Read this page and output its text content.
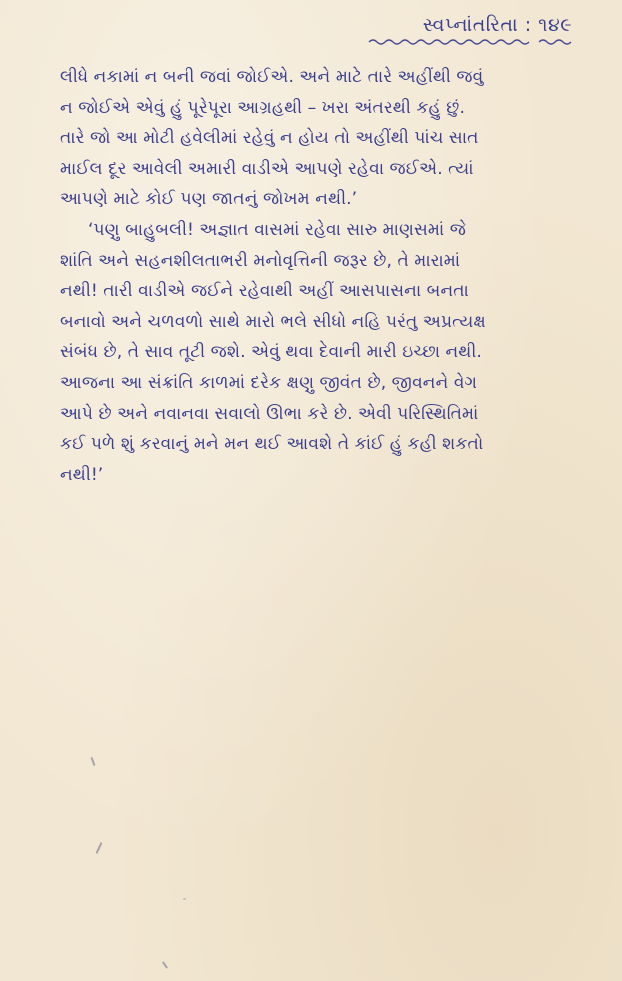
સ્વપ્નાંતરિતા : ૧૪૯

લીધે નકામાં ન બની જવાં જોઈએ. અને માટે તારે અહીંથી જવું
ન જોઈએ એવું હું પૂરેપૂરા આગ્રહથી – ખરા અંતરથી કહું છું.
તારે જો આ મોટી હવેલીમાં રહેવું ન હોય તો અહીંથી પાંચ સાત
માઈલ દૂર આવેલી અમારી વાડીએ આપણે રહેવા જઈએ. ત્યાં
આપણે માટે કોઈ પણ જાતનું જોખમ નથી.’

‘પણુ બાહુબલી! અજ્ઞાત વાસમાં રહેવા સારુ માણસમાં જે
શાંતિ અને સહનશીલતાભરી મનોવૃત્તિની જરૂર છે, તે મારામાં
નથી! તારી વાડીએ જઈને રહેવાથી અહીં આસપાસના બનતા
બનાવો અને ચળવળો સાથે મારો ભલે સીધો નહિ પરંતુ અપ્રત્યક્ષ
સંબંધ છે, તે સાવ તૂટી જશે. એવું થવા દેવાની મારી ઇચ્છા નથી.
આજના આ સંક્રાંતિ કાળમાં દરેક ક્ષણુ જીવંત છે, જીવનને વેગ
આપે છે અને નવાનવા સવાલો ઊભા કરે છે. એવી પરિસ્થિતિમાં
કઈ પળે શું કરવાનું મને મન થઈ આવશે તે કાંઈ હું કહી શકતો
નથી!’
